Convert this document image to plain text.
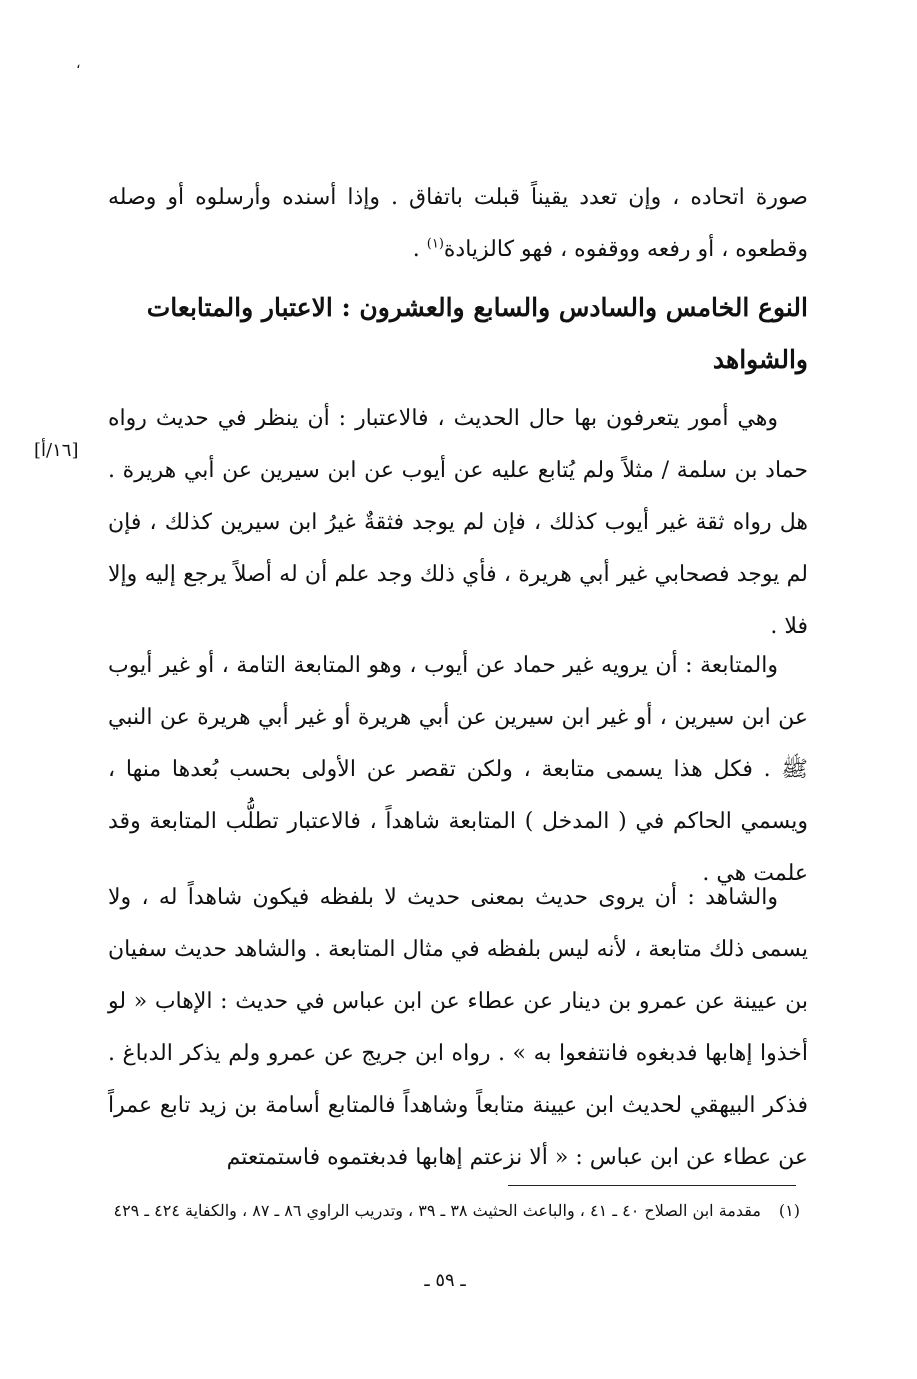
،
صورة اتحاده ، وإن تعدد يقيناً قبلت باتفاق . وإذا أسنده وأرسلوه أو وصله وقطعوه ، أو رفعه ووقفوه ، فهو كالزيادة$^{(١)}$ .
النوع الخامس والسادس والسابع والعشرون : الاعتبار والمتابعات والشواهد
وهي أمور يتعرفون بها حال الحديث ، فالاعتبار : أن ينظر في حديث رواه حماد بن سلمة / مثلاً ولم يُتابع عليه عن أيوب عن ابن سيرين عن أبي هريرة . هل رواه ثقة غير أيوب كذلك ، فإن لم يوجد فثقةٌ غيرُ ابن سيرين كذلك ، فإن لم يوجد فصحابي غير أبي هريرة ، فأي ذلك وجد علم أن له أصلاً يرجع إليه وإلا فلا .
[١٦/أ]
والمتابعة : أن يرويه غير حماد عن أيوب ، وهو المتابعة التامة ، أو غير أيوب عن ابن سيرين ، أو غير ابن سيرين عن أبي هريرة أو غير أبي هريرة عن النبي ﷺ . فكل هذا يسمى متابعة ، ولكن تقصر عن الأولى بحسب بُعدها منها ، ويسمي الحاكم في ( المدخل ) المتابعة شاهداً ، فالاعتبار تطلُّب المتابعة وقد علمت هي .
والشاهد : أن يروى حديث بمعنى حديث لا بلفظه فيكون شاهداً له ، ولا يسمى ذلك متابعة ، لأنه ليس بلفظه في مثال المتابعة . والشاهد حديث سفيان بن عيينة عن عمرو بن دينار عن عطاء عن ابن عباس في حديث : الإهاب « لو أخذوا إهابها فدبغوه فانتفعوا به » . رواه ابن جريج عن عمرو ولم يذكر الدباغ . فذكر البيهقي لحديث ابن عيينة متابعاً وشاهداً فالمتابع أسامة بن زيد تابع عمراً عن عطاء عن ابن عباس : « ألا نزعتم إهابها فدبغتموه فاستمتعتم
(١)مقدمة ابن الصلاح ٤٠ ـ ٤١ ، والباعث الحثيث ٣٨ ـ ٣٩ ، وتدريب الراوي ٨٦ ـ ٨٧ ، والكفاية ٤٢٤ ـ ٤٢٩
ـ ٥٩ ـ
